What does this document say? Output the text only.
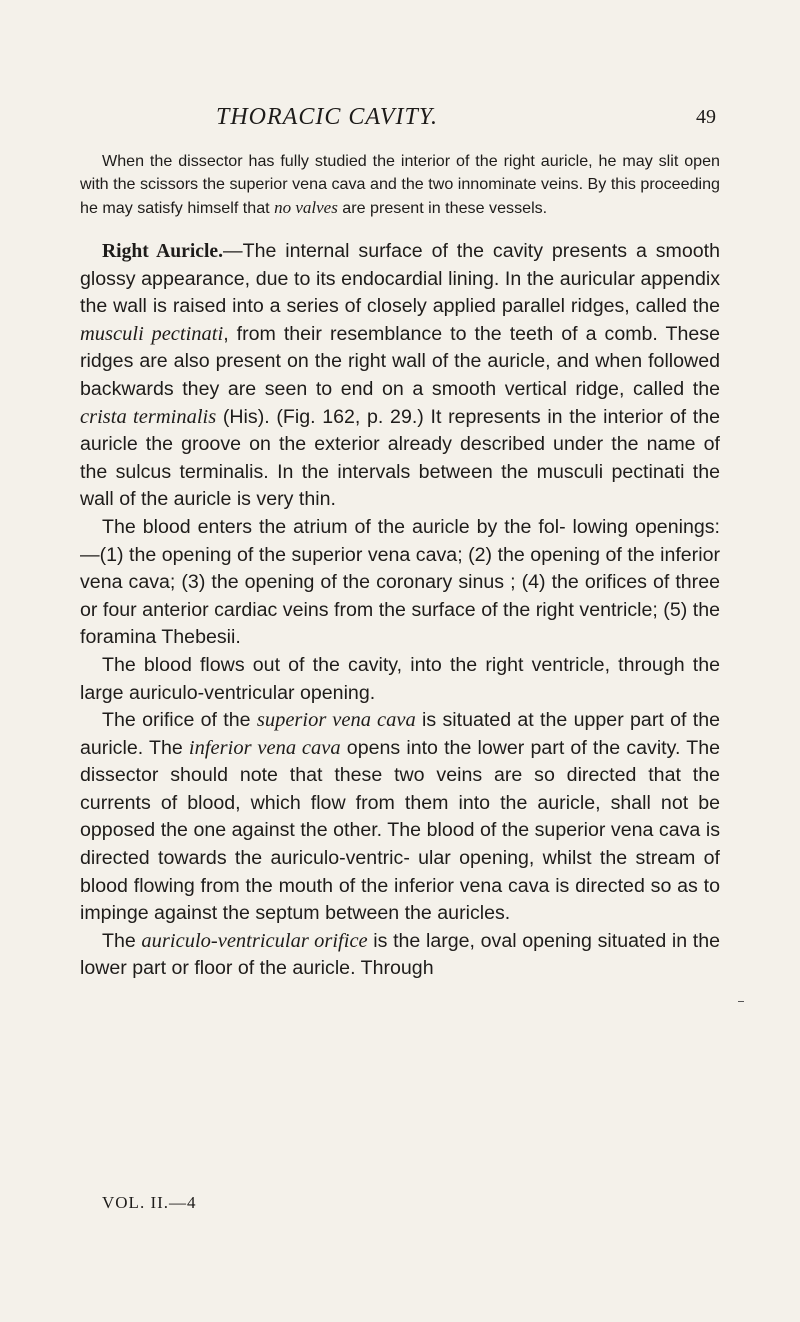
THORACIC CAVITY.	49
When the dissector has fully studied the interior of the right auricle, he may slit open with the scissors the superior vena cava and the two innominate veins. By this proceeding he may satisfy himself that no valves are present in these vessels.

Right Auricle.—The internal surface of the cavity presents a smooth glossy appearance, due to its endocardial lining. In the auricular appendix the wall is raised into a series of closely applied parallel ridges, called the musculi pectinati, from their resemblance to the teeth of a comb. These ridges are also present on the right wall of the auricle, and when followed backwards they are seen to end on a smooth vertical ridge, called the crista terminalis (His). (Fig. 162, p. 29.) It represents in the interior of the auricle the groove on the exterior already described under the name of the sulcus terminalis. In the intervals between the musculi pectinati the wall of the auricle is very thin.

The blood enters the atrium of the auricle by the fol- lowing openings:—(1) the opening of the superior vena cava; (2) the opening of the inferior vena cava; (3) the opening of the coronary sinus ; (4) the orifices of three or four anterior cardiac veins from the surface of the right ventricle; (5) the foramina Thebesii.

The blood flows out of the cavity, into the right ventricle, through the large auriculo-ventricular opening.

The orifice of the superior vena cava is situated at the upper part of the auricle. The inferior vena cava opens into the lower part of the cavity. The dissector should note that these two veins are so directed that the currents of blood, which flow from them into the auricle, shall not be opposed the one against the other. The blood of the superior vena cava is directed towards the auriculo-ventric- ular opening, whilst the stream of blood flowing from the mouth of the inferior vena cava is directed so as to impinge against the septum between the auricles.

The auriculo-ventricular orifice is the large, oval opening situated in the lower part or floor of the auricle. Through

VOL. II.—4
